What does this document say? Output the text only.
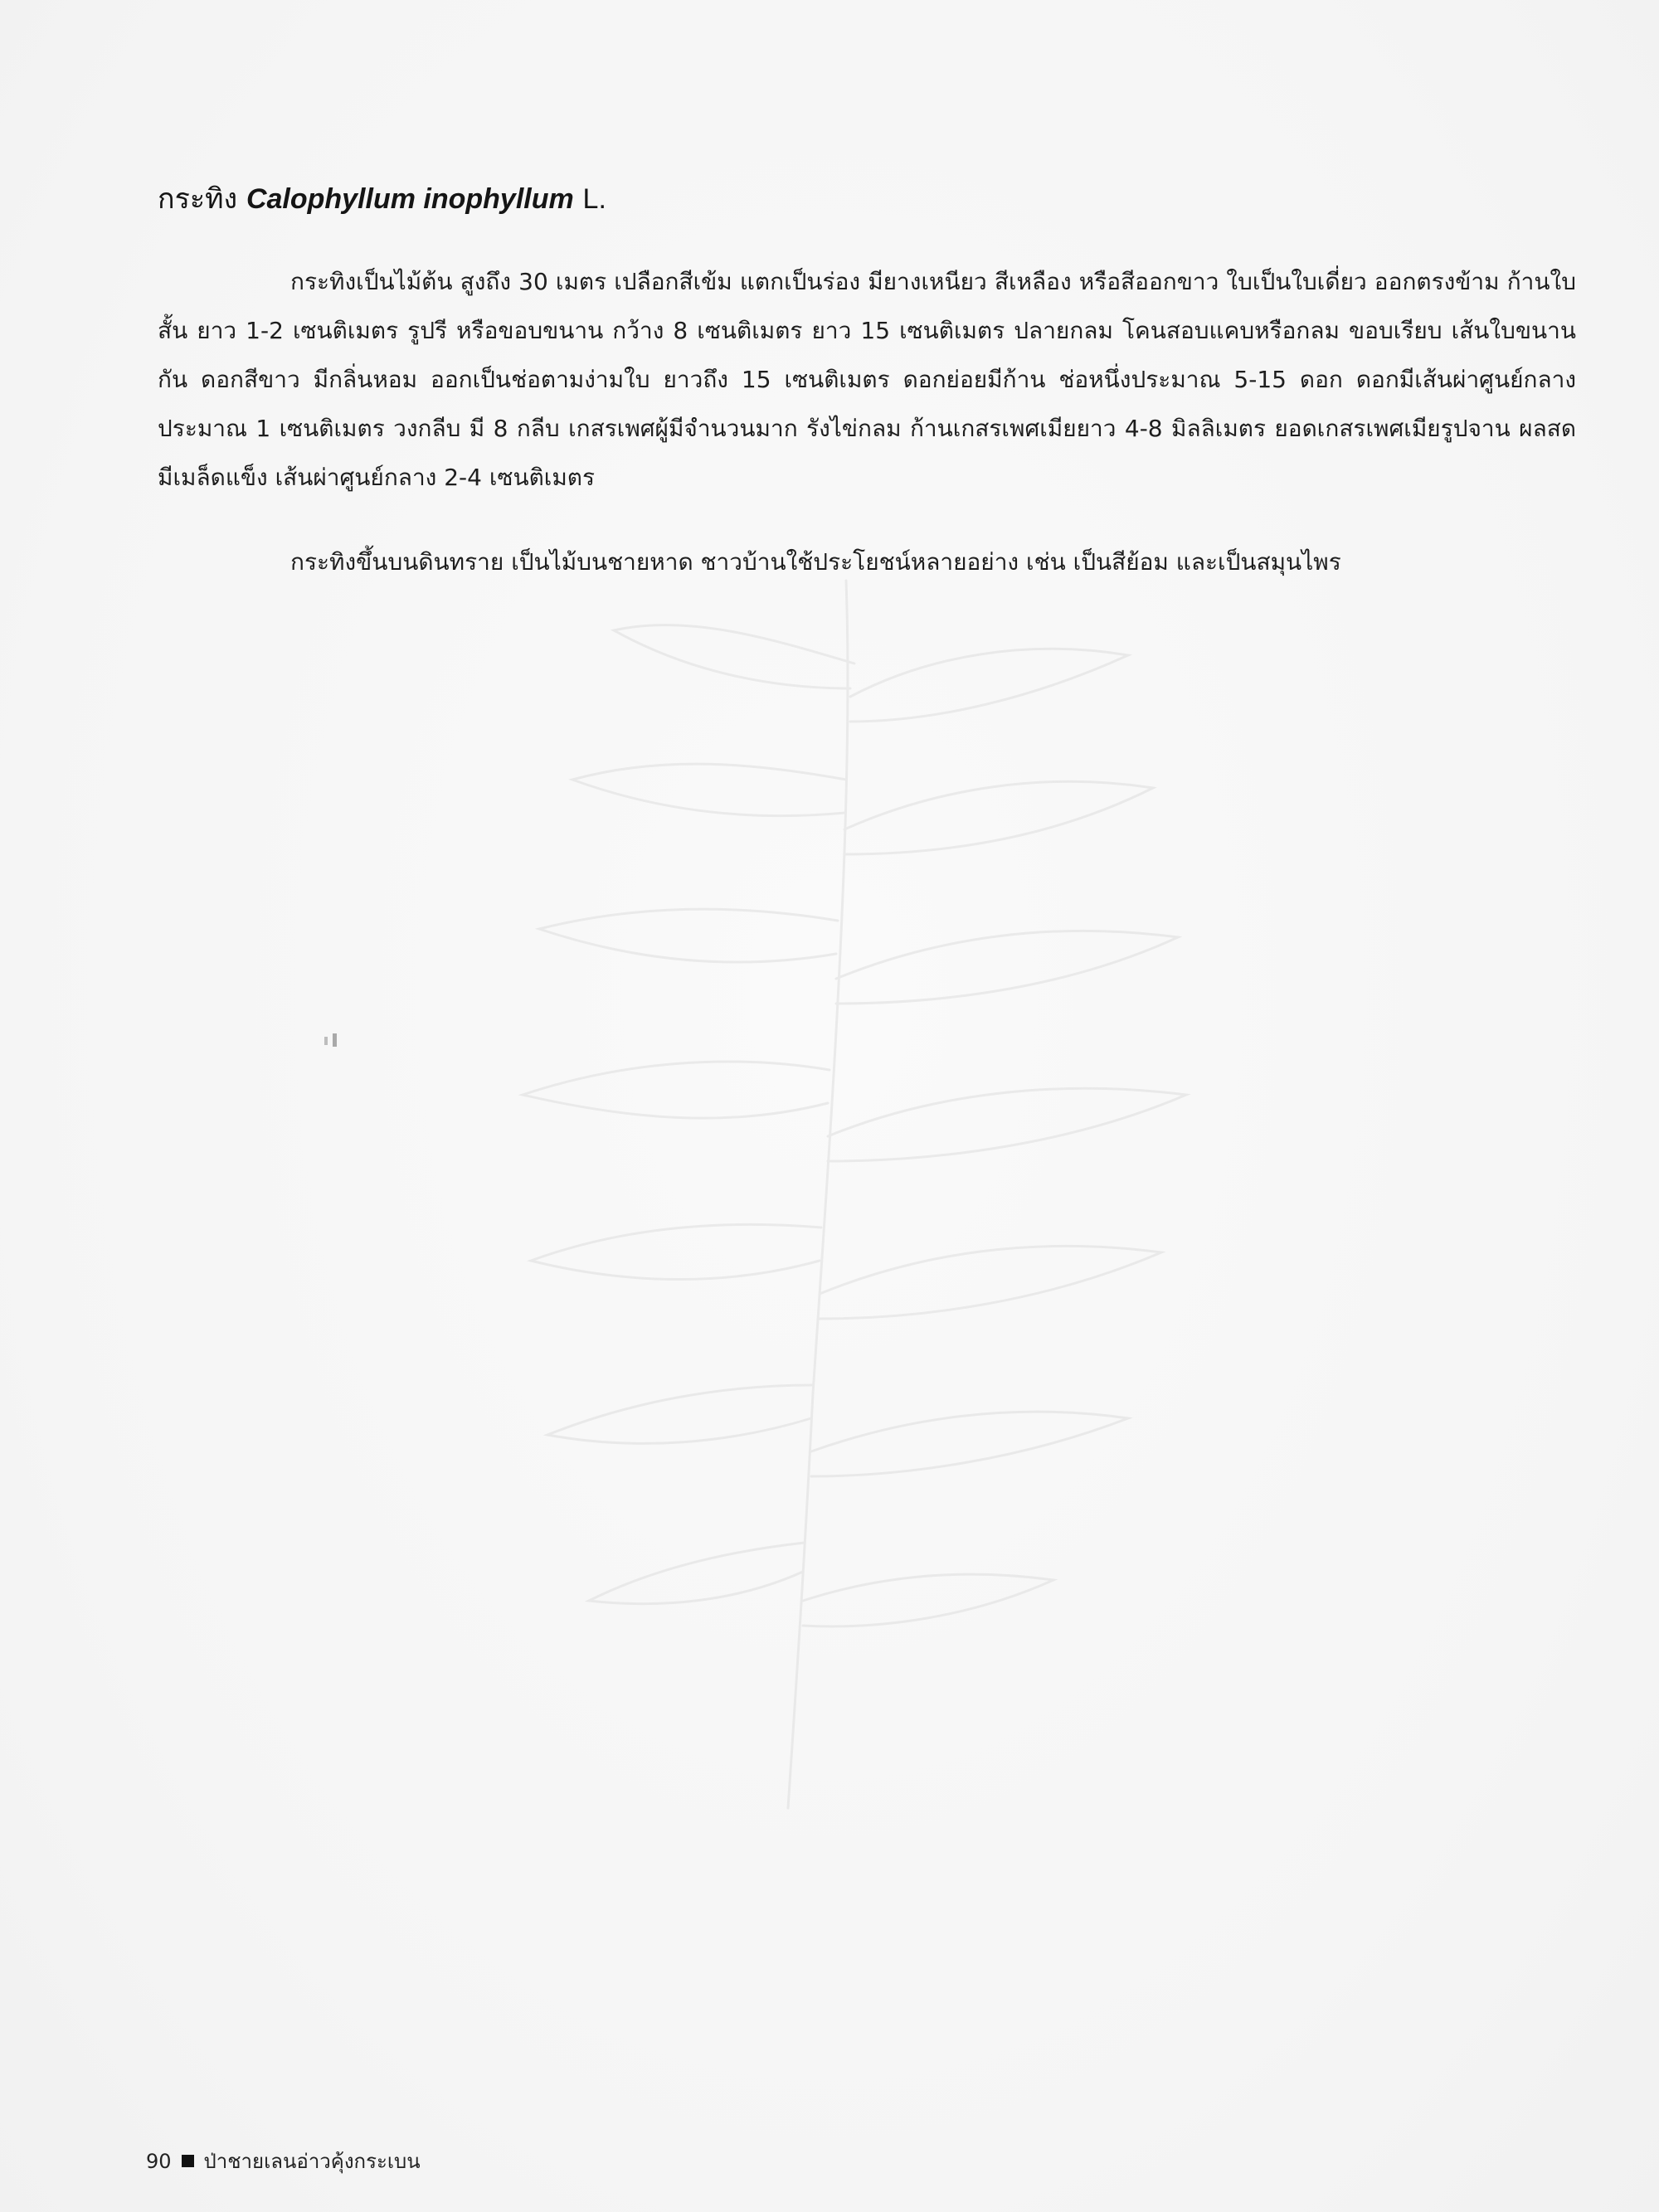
กระทิง Calophyllum inophyllum L.

กระทิงเป็นไม้ต้น สูงถึง 30 เมตร เปลือกสีเข้ม แตกเป็นร่อง มียางเหนียว สีเหลือง หรือสีออกขาว ใบเป็นใบเดี่ยว ออกตรงข้าม ก้านใบสั้น ยาว 1-2 เซนติเมตร รูปรี หรือขอบขนาน กว้าง 8 เซนติเมตร ยาว 15 เซนติเมตร ปลายกลม โคนสอบแคบหรือกลม ขอบเรียบ เส้นใบขนานกัน ดอกสีขาว มีกลิ่นหอม ออกเป็นช่อตามง่ามใบ ยาวถึง 15 เซนติเมตร ดอกย่อยมีก้าน ช่อหนึ่งประมาณ 5-15 ดอก ดอกมีเส้นผ่าศูนย์กลางประมาณ 1 เซนติเมตร วงกลีบ มี 8 กลีบ เกสรเพศผู้มีจำนวนมาก รังไข่กลม ก้านเกสรเพศเมียยาว 4-8 มิลลิเมตร ยอดเกสรเพศเมียรูปจาน ผลสด มีเมล็ดแข็ง เส้นผ่าศูนย์กลาง 2-4 เซนติเมตร

กระทิงขึ้นบนดินทราย เป็นไม้บนชายหาด ชาวบ้านใช้ประโยชน์หลายอย่าง เช่น เป็นสีย้อม และเป็นสมุนไพร

90 ป่าชายเลนอ่าวคุ้งกระเบน
